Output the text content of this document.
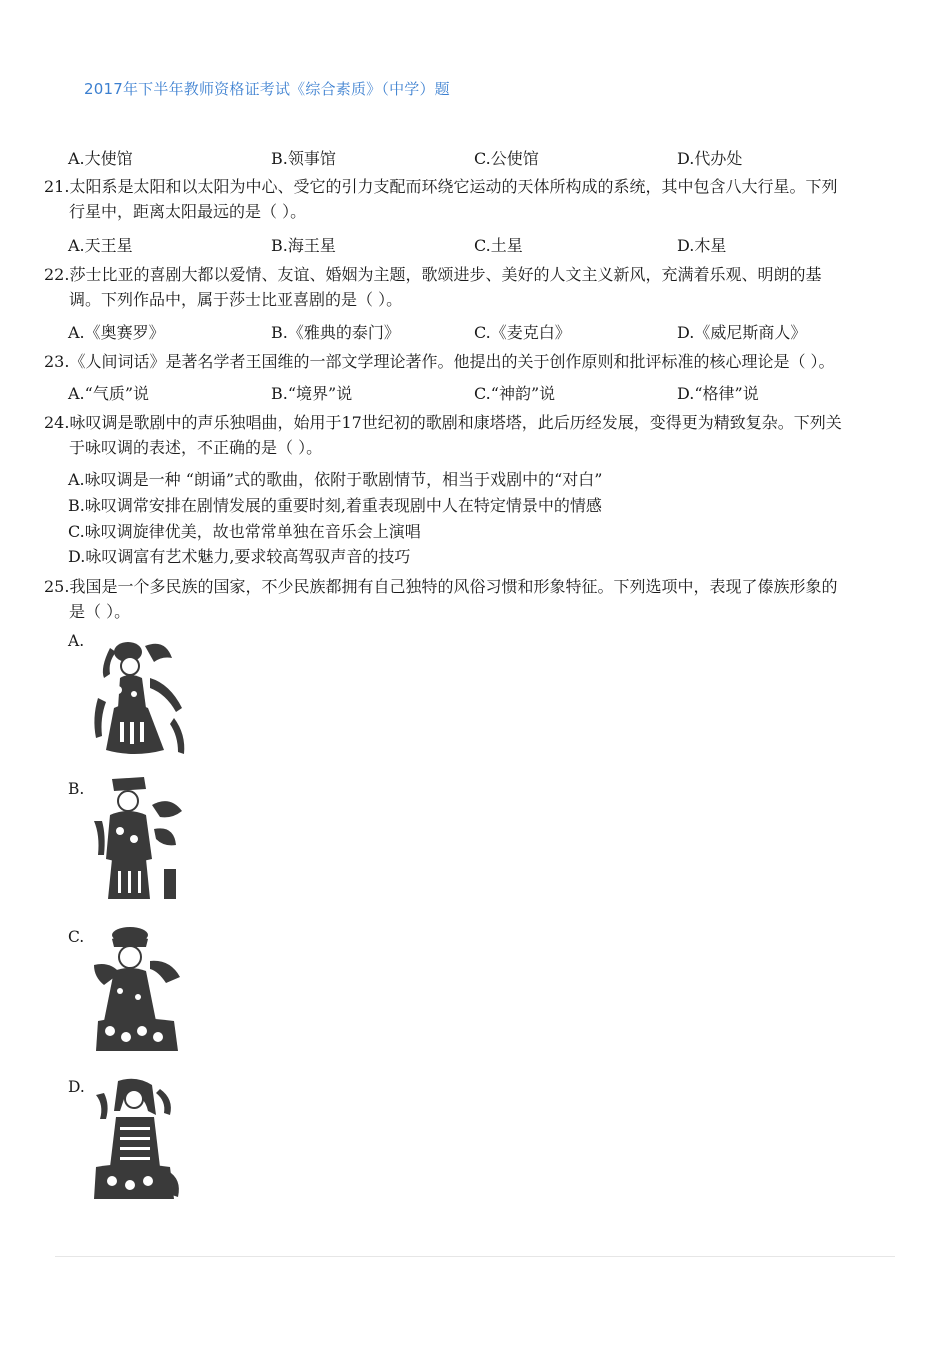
2017年下半年教师资格证考试《综合素质》（中学）题
A.大使馆	B.领事馆	C.公使馆	D.代办处
21.太阳系是太阳和以太阳为中心、受它的引力支配而环绕它运动的天体所构成的系统，其中包含八大行星。下列
行星中，距离太阳最远的是（ ）。
A.天王星	B.海王星	C.土星	D.木星
22.莎士比亚的喜剧大都以爱情、友谊、婚姻为主题，歌颂进步、美好的人文主义新风，充满着乐观、明朗的基
调。下列作品中，属于莎士比亚喜剧的是（ ）。
A.《奥赛罗》	B.《雅典的泰门》	C.《麦克白》	D.《威尼斯商人》
23.《人间词话》是著名学者王国维的一部文学理论著作。他提出的关于创作原则和批评标准的核心理论是（ ）。
A.“气质”说	B.“境界”说	C.“神韵”说	D.“格律”说
24.咏叹调是歌剧中的声乐独唱曲，始用于17世纪初的歌剧和康塔塔，此后历经发展，变得更为精致复杂。下列关
于咏叹调的表述，不正确的是（ ）。
A.咏叹调是一种 “朗诵”式的歌曲，依附于歌剧情节，相当于戏剧中的“对白”
B.咏叹调常安排在剧情发展的重要时刻,着重表现剧中人在特定情景中的情感
C.咏叹调旋律优美，故也常常单独在音乐会上演唱
D.咏叹调富有艺术魅力,要求较高驾驭声音的技巧
25.我国是一个多民族的国家，不少民族都拥有自己独特的风俗习惯和形象特征。下列选项中，表现了傣族形象的
是（ ）。
A.
B.
C.
D.
